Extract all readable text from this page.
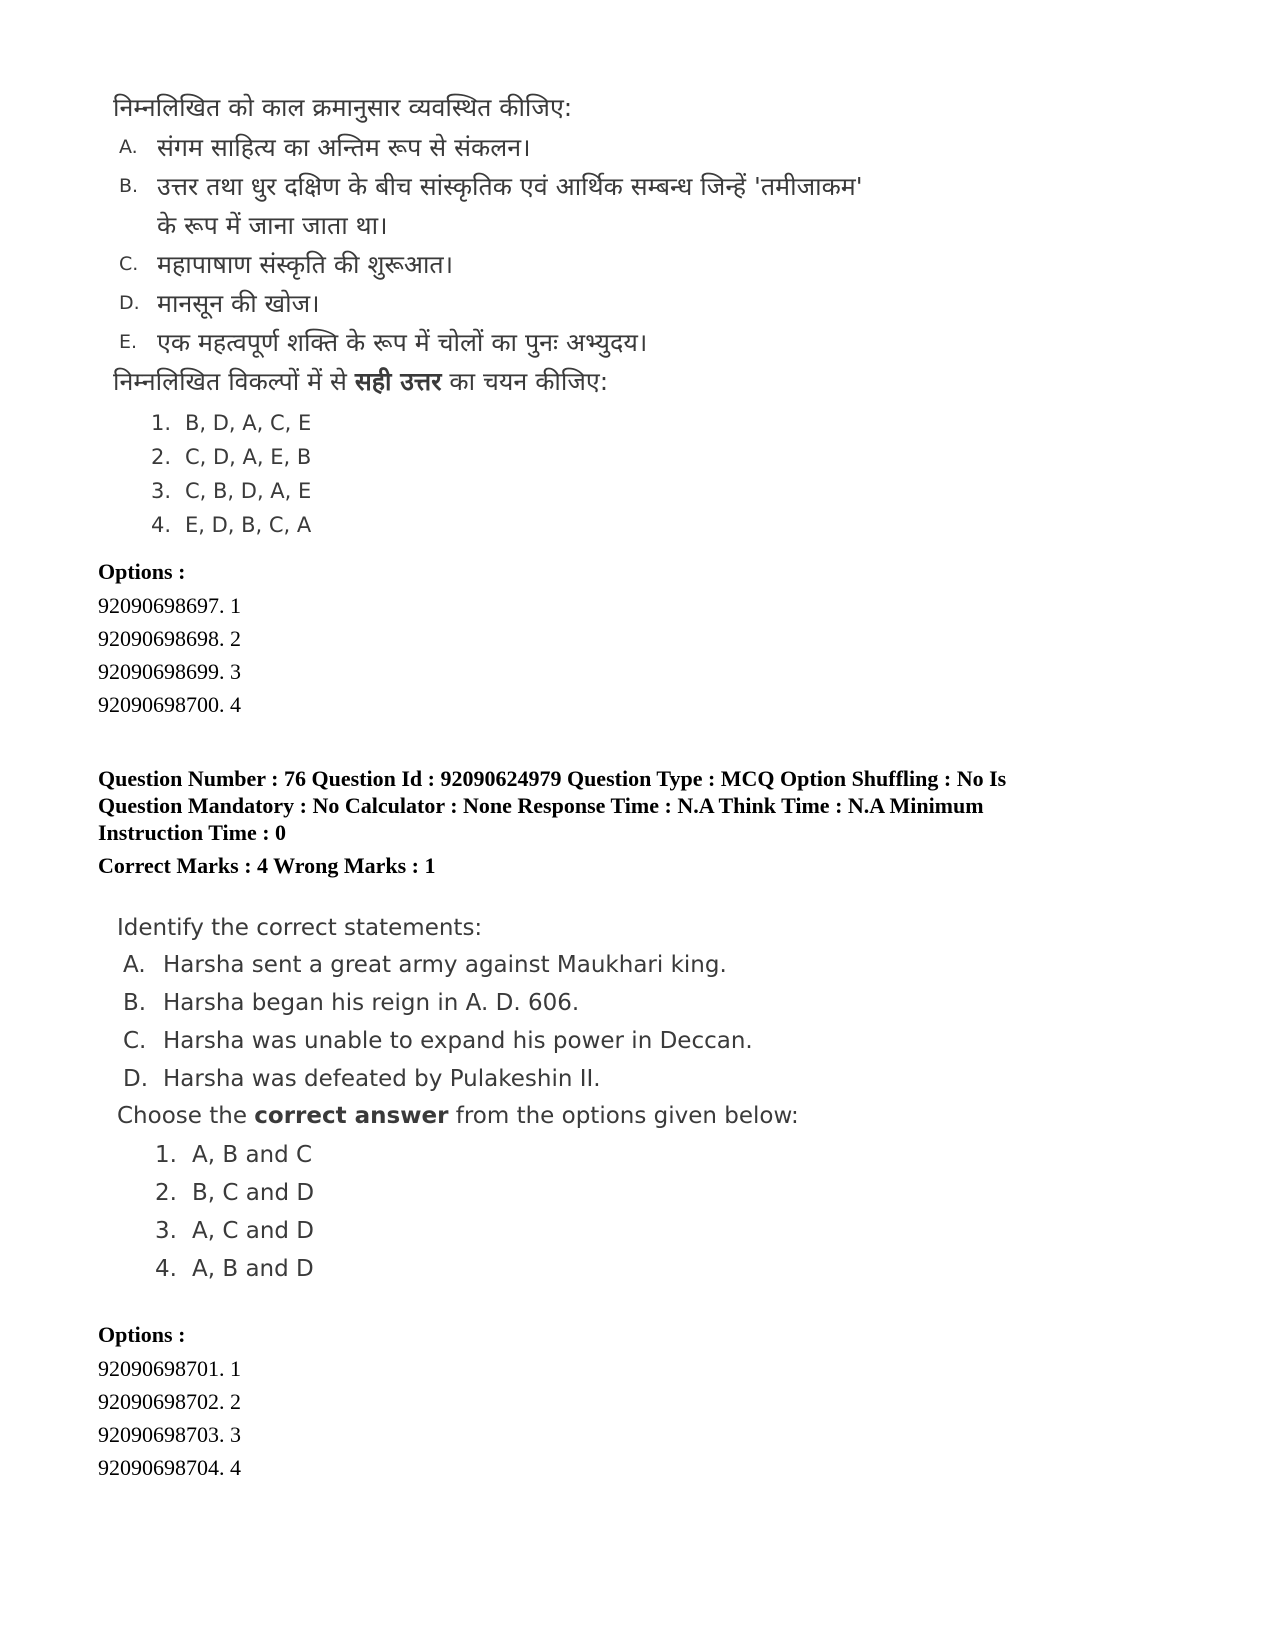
निम्नलिखित को काल क्रमानुसार व्यवस्थित कीजिए:
A. संगम साहित्य का अन्तिम रूप से संकलन।
B. उत्तर तथा धुर दक्षिण के बीच सांस्कृतिक एवं आर्थिक सम्बन्ध जिन्हें 'तमीजाकम' के रूप में जाना जाता था।
C. महापाषाण संस्कृति की शुरूआत।
D. मानसून की खोज।
E. एक महत्वपूर्ण शक्ति के रूप में चोलों का पुनः अभ्युदय।
निम्नलिखित विकल्पों में से सही उत्तर का चयन कीजिए:
1. B, D, A, C, E
2. C, D, A, E, B
3. C, B, D, A, E
4. E, D, B, C, A
Options :
92090698697. 1
92090698698. 2
92090698699. 3
92090698700. 4
Question Number : 76 Question Id : 92090624979 Question Type : MCQ Option Shuffling : No Is
Question Mandatory : No Calculator : None Response Time : N.A Think Time : N.A Minimum
Instruction Time : 0
Correct Marks : 4 Wrong Marks : 1
Identify the correct statements:
A. Harsha sent a great army against Maukhari king.
B. Harsha began his reign in A. D. 606.
C. Harsha was unable to expand his power in Deccan.
D. Harsha was defeated by Pulakeshin II.
Choose the correct answer from the options given below:
1. A, B and C
2. B, C and D
3. A, C and D
4. A, B and D
Options :
92090698701. 1
92090698702. 2
92090698703. 3
92090698704. 4
